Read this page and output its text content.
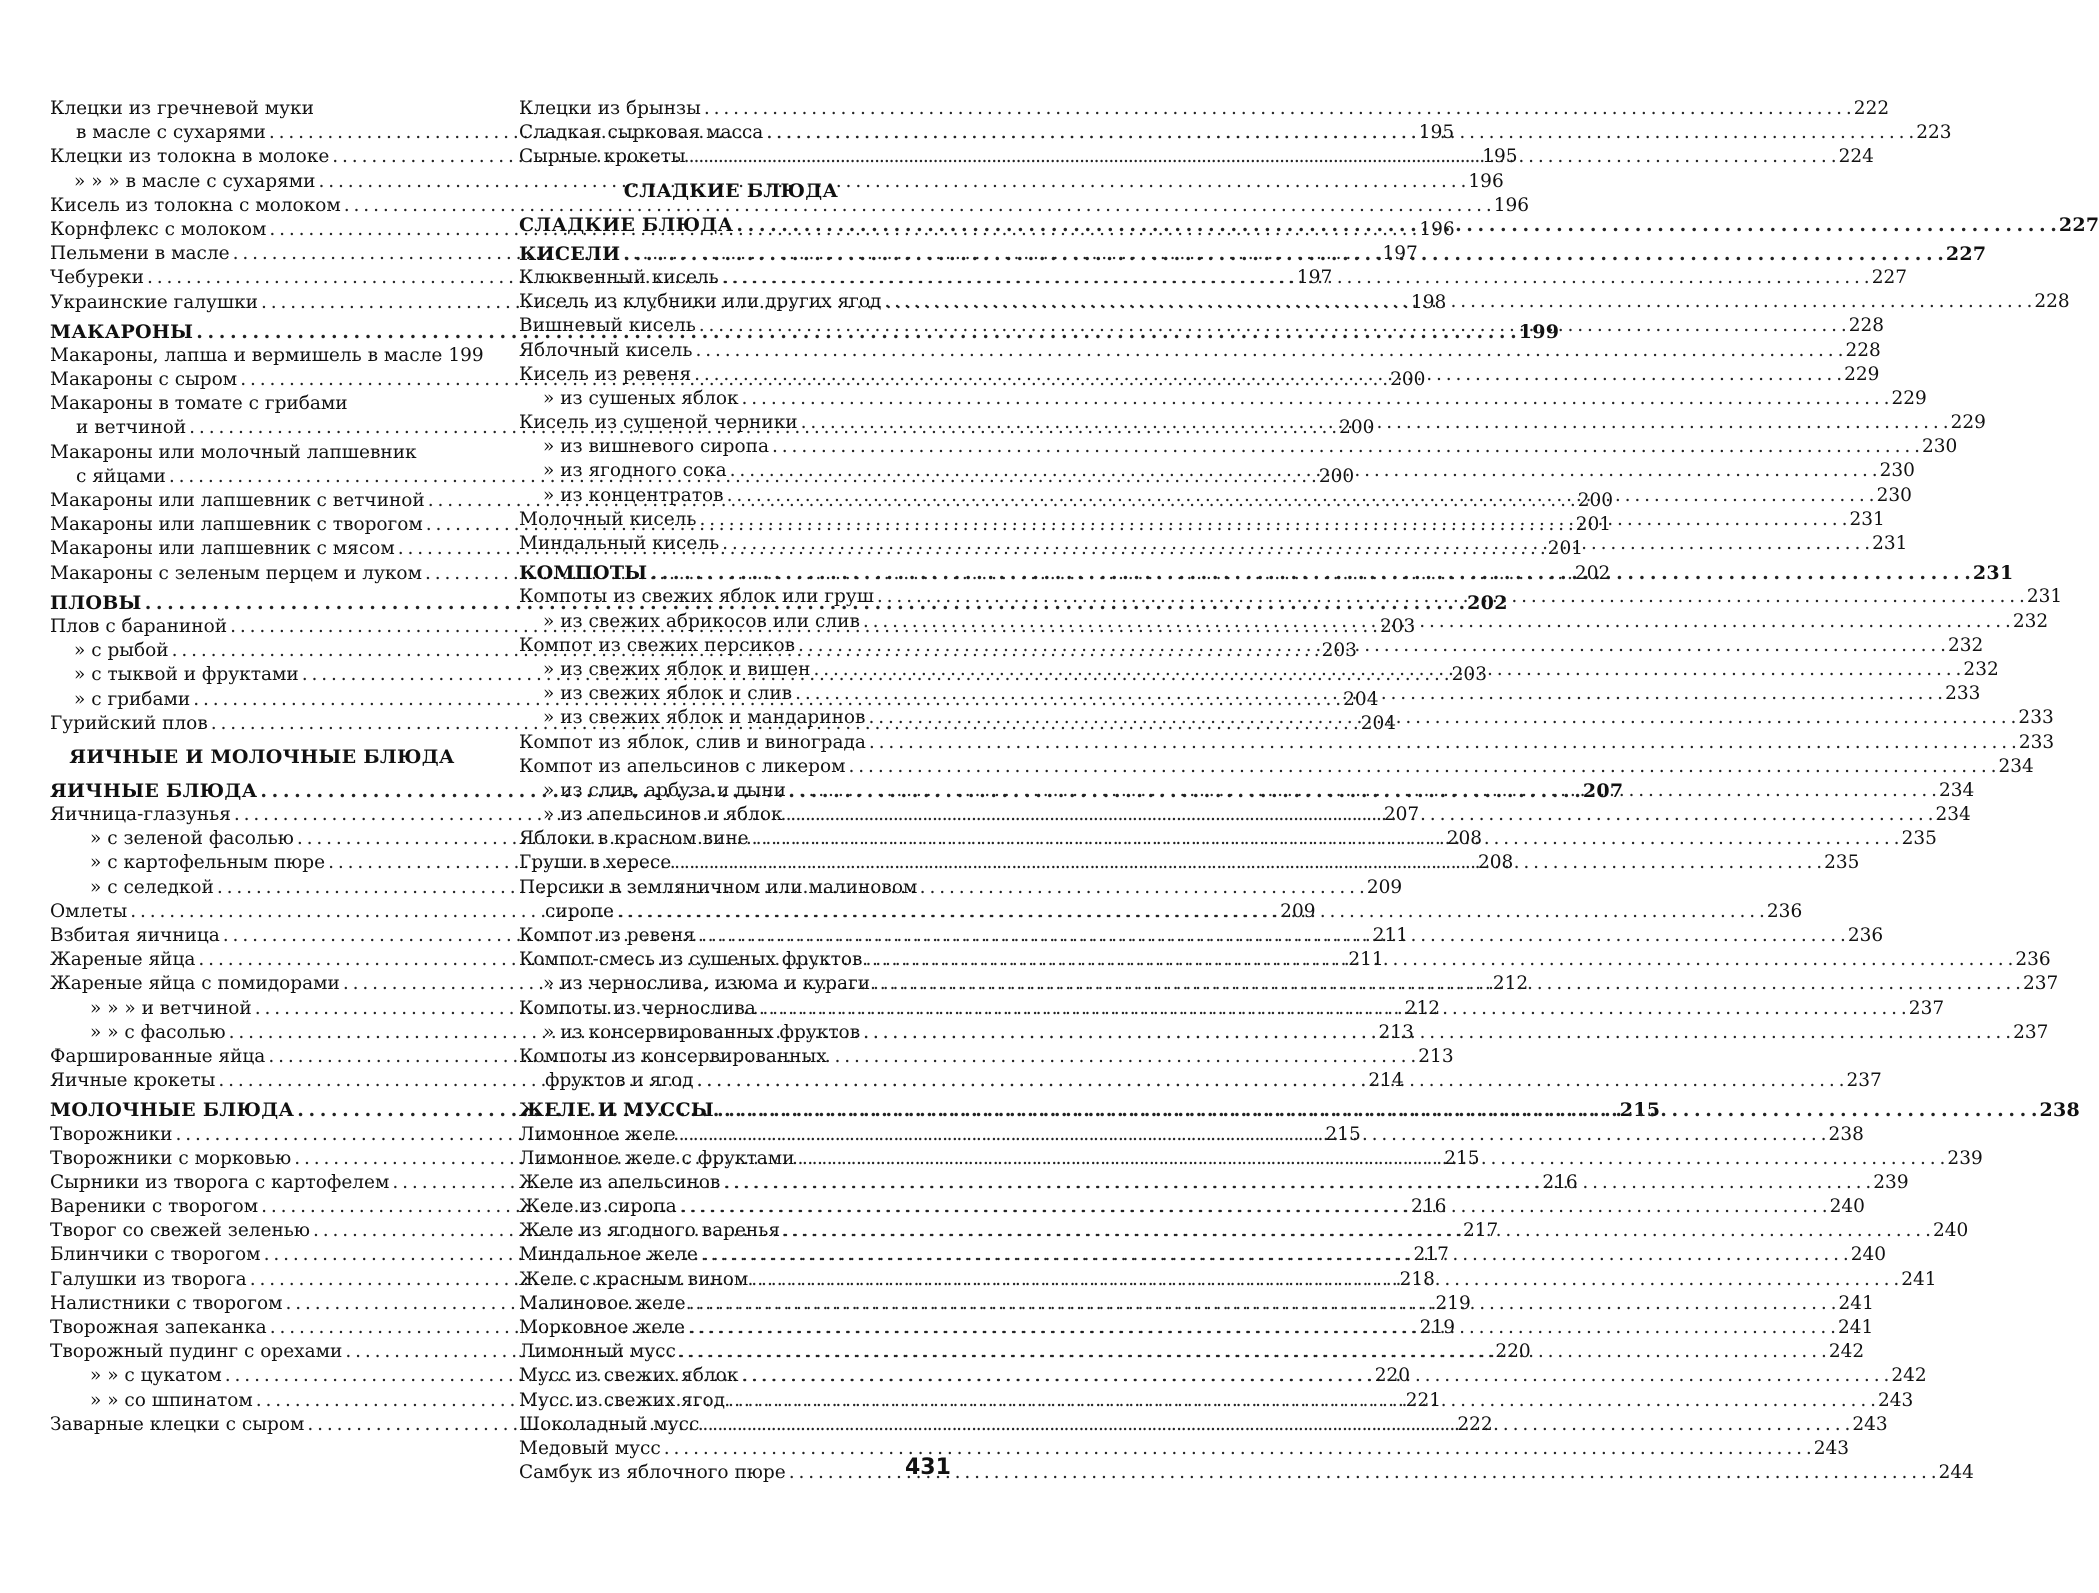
Клецки из гречневой муки
в масле с сухарями . . .	195
Клецки из толокна в молоке . . .	195
» » » в масле с сухарями . . .	196
Кисель из толокна с молоком . . .	196
Корнфлекс с молоком . . .	196
Пельмени в масле . . .	197
Чебуреки . . .	197
Украинские галушки . . .	198
МАКАРОНЫ . . .	199
Макароны, лапша и вермишель в масле 199
Макароны с сыром . . .	200
Макароны в томате с грибами
и ветчиной . . .	200
Макароны или молочный лапшевник
с яйцами . . .	200
Макароны или лапшевник с ветчиной . . .	200
Макароны или лапшевник с творогом . . .	201
Макароны или лапшевник с мясом . . .	201
Макароны с зеленым перцем и луком . . .	202
ПЛОВЫ . . .	202
Плов с бараниной . . .	203
» с рыбой . . .	203
» с тыквой и фруктами . . .	203
» с грибами . . .	204
Гурийский плов . . .	204
ЯИЧНЫЕ И МОЛОЧНЫЕ БЛЮДА
ЯИЧНЫЕ БЛЮДА . . .	207
Яичница-глазунья . . .	207
» с зеленой фасолью . . .	208
» с картофельным пюре . . .	208
» с селедкой . . .	209
Омлеты . . .	209
Взбитая яичница . . .	211
Жареные яйца . . .	211
Жареные яйца с помидорами . . .	212
» » » и ветчиной . . .	212
» » с фасолью . . .	213
Фаршированные яйца . . .	213
Яичные крокеты . . .	214
МОЛОЧНЫЕ БЛЮДА . . .	215
Творожники . . .	215
Творожники с морковью . . .	215
Сырники из творога с картофелем . . .	216
Вареники с творогом . . .	216
Творог со свежей зеленью . . .	217
Блинчики с творогом . . .	217
Галушки из творога . . .	218
Налистники с творогом . . .	219
Творожная запеканка . . .	219
Творожный пудинг с орехами . . .	220
» » с цукатом . . .	220
» » со шпинатом . . .	221
Заварные клецки с сыром . . .	222
Клецки из брынзы . . .	222
Сладкая сырковая масса . . .	223
Сырные крокеты . . .	224
СЛАДКИЕ БЛЮДА
СЛАДКИЕ БЛЮДА . . .	227
КИСЕЛИ . . .	227
Клюквенный кисель . . .	227
Кисель из клубники или других ягод . . .	228
Вишневый кисель . . .	228
Яблочный кисель . . .	228
Кисель из ревеня . . .	229
» из сушеных яблок . . .	229
Кисель из сушеной черники . . .	229
» из вишневого сиропа . . .	230
» из ягодного сока . . .	230
» из концентратов . . .	230
Молочный кисель . . .	231
Миндальный кисель . . .	231
КОМПОТЫ . . .	231
Компоты из свежих яблок или груш . . .	231
» из свежих абрикосов или слив . . .	232
Компот из свежих персиков . . .	232
» из свежих яблок и вишен . . .	232
» из свежих яблок и слив . . .	233
» из свежих яблок и мандаринов . . .	233
Компот из яблок, слив и винограда . . .	233
Компот из апельсинов с ликером . . .	234
» из слив, арбуза и дыни . . .	234
» из апельсинов и яблок . . .	234
Яблоки в красном вине . . .	235
Груши в хересе . . .	235
Персики в земляничном или малиновом
сиропе . . .	236
Компот из ревеня . . .	236
Компот-смесь из сушеных фруктов . . .	236
» из чернослива, изюма и кураги . . .	237
Компоты из чернослива . . .	237
» из консервированных фруктов . . .	237
Компоты из консервированных
фруктов и ягод . . .	237
ЖЕЛЕ И МУССЫ . . .	238
Лимонное желе . . .	238
Лимонное желе с фруктами . . .	239
Желе из апельсинов . . .	239
Желе из сиропа . . .	240
Желе из ягодного варенья . . .	240
Миндальное желе . . .	240
Желе с красным вином . . .	241
Малиновое желе . . .	241
Морковное желе . . .	241
Лимонный мусс . . .	242
Мусс из свежих яблок . . .	242
Мусс из свежих ягод . . .	243
Шоколадный мусс . . .	243
Медовый мусс . . .	243
Самбук из яблочного пюре . . .	244
431
